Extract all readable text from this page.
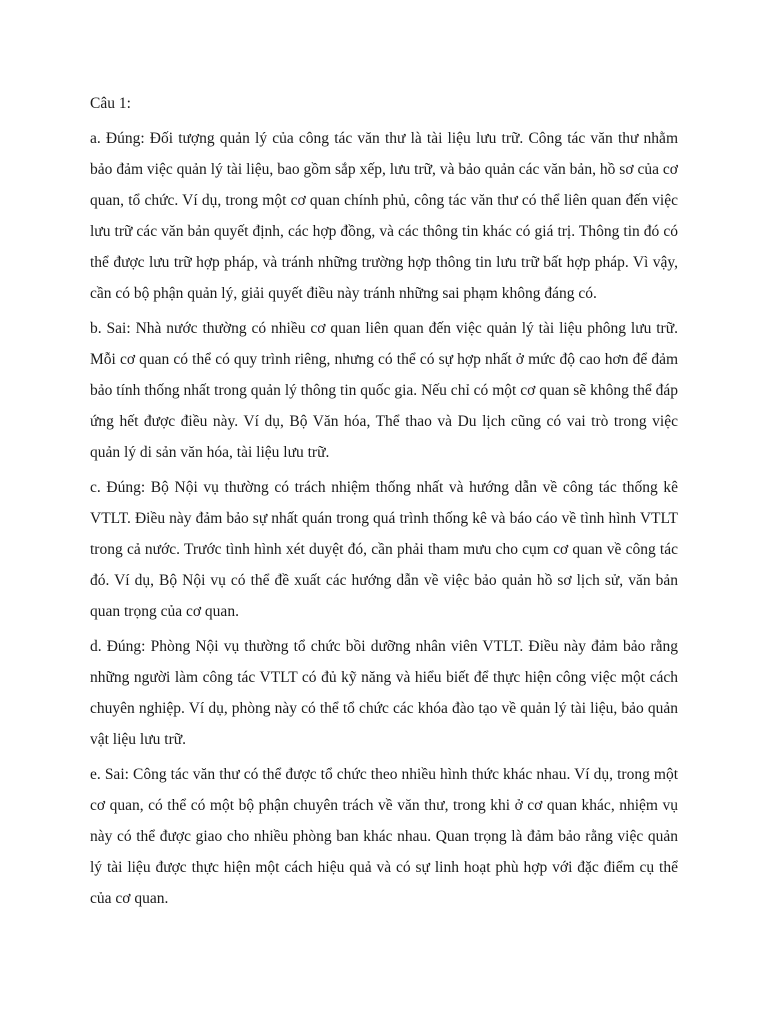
Câu 1:

a. Đúng: Đối tượng quản lý của công tác văn thư là tài liệu lưu trữ. Công tác văn thư nhằm bảo đảm việc quản lý tài liệu, bao gồm sắp xếp, lưu trữ, và bảo quản các văn bản, hồ sơ của cơ quan, tổ chức. Ví dụ, trong một cơ quan chính phủ, công tác văn thư có thể liên quan đến việc lưu trữ các văn bản quyết định, các hợp đồng, và các thông tin khác có giá trị. Thông tin đó có thể được lưu trữ hợp pháp, và tránh những trường hợp thông tin lưu trữ bất hợp pháp. Vì vậy, cần có bộ phận quản lý, giải quyết điều này tránh những sai phạm không đáng có.

b. Sai: Nhà nước thường có nhiều cơ quan liên quan đến việc quản lý tài liệu phông lưu trữ. Mỗi cơ quan có thể có quy trình riêng, nhưng có thể có sự hợp nhất ở mức độ cao hơn để đảm bảo tính thống nhất trong quản lý thông tin quốc gia. Nếu chỉ có một cơ quan sẽ không thể đáp ứng hết được điều này. Ví dụ, Bộ Văn hóa, Thể thao và Du lịch cũng có vai trò trong việc quản lý di sản văn hóa, tài liệu lưu trữ.

c. Đúng: Bộ Nội vụ thường có trách nhiệm thống nhất và hướng dẫn về công tác thống kê VTLT. Điều này đảm bảo sự nhất quán trong quá trình thống kê và báo cáo về tình hình VTLT trong cả nước. Trước tình hình xét duyệt đó, cần phải tham mưu cho cụm cơ quan về công tác đó. Ví dụ, Bộ Nội vụ có thể đề xuất các hướng dẫn về việc bảo quản hồ sơ lịch sử, văn bản quan trọng của cơ quan.

d. Đúng: Phòng Nội vụ thường tổ chức bồi dưỡng nhân viên VTLT. Điều này đảm bảo rằng những người làm công tác VTLT có đủ kỹ năng và hiểu biết để thực hiện công việc một cách chuyên nghiệp. Ví dụ, phòng này có thể tổ chức các khóa đào tạo về quản lý tài liệu, bảo quản vật liệu lưu trữ.

e. Sai: Công tác văn thư có thể được tổ chức theo nhiều hình thức khác nhau. Ví dụ, trong một cơ quan, có thể có một bộ phận chuyên trách về văn thư, trong khi ở cơ quan khác, nhiệm vụ này có thể được giao cho nhiều phòng ban khác nhau. Quan trọng là đảm bảo rằng việc quản lý tài liệu được thực hiện một cách hiệu quả và có sự linh hoạt phù hợp với đặc điểm cụ thể của cơ quan.
